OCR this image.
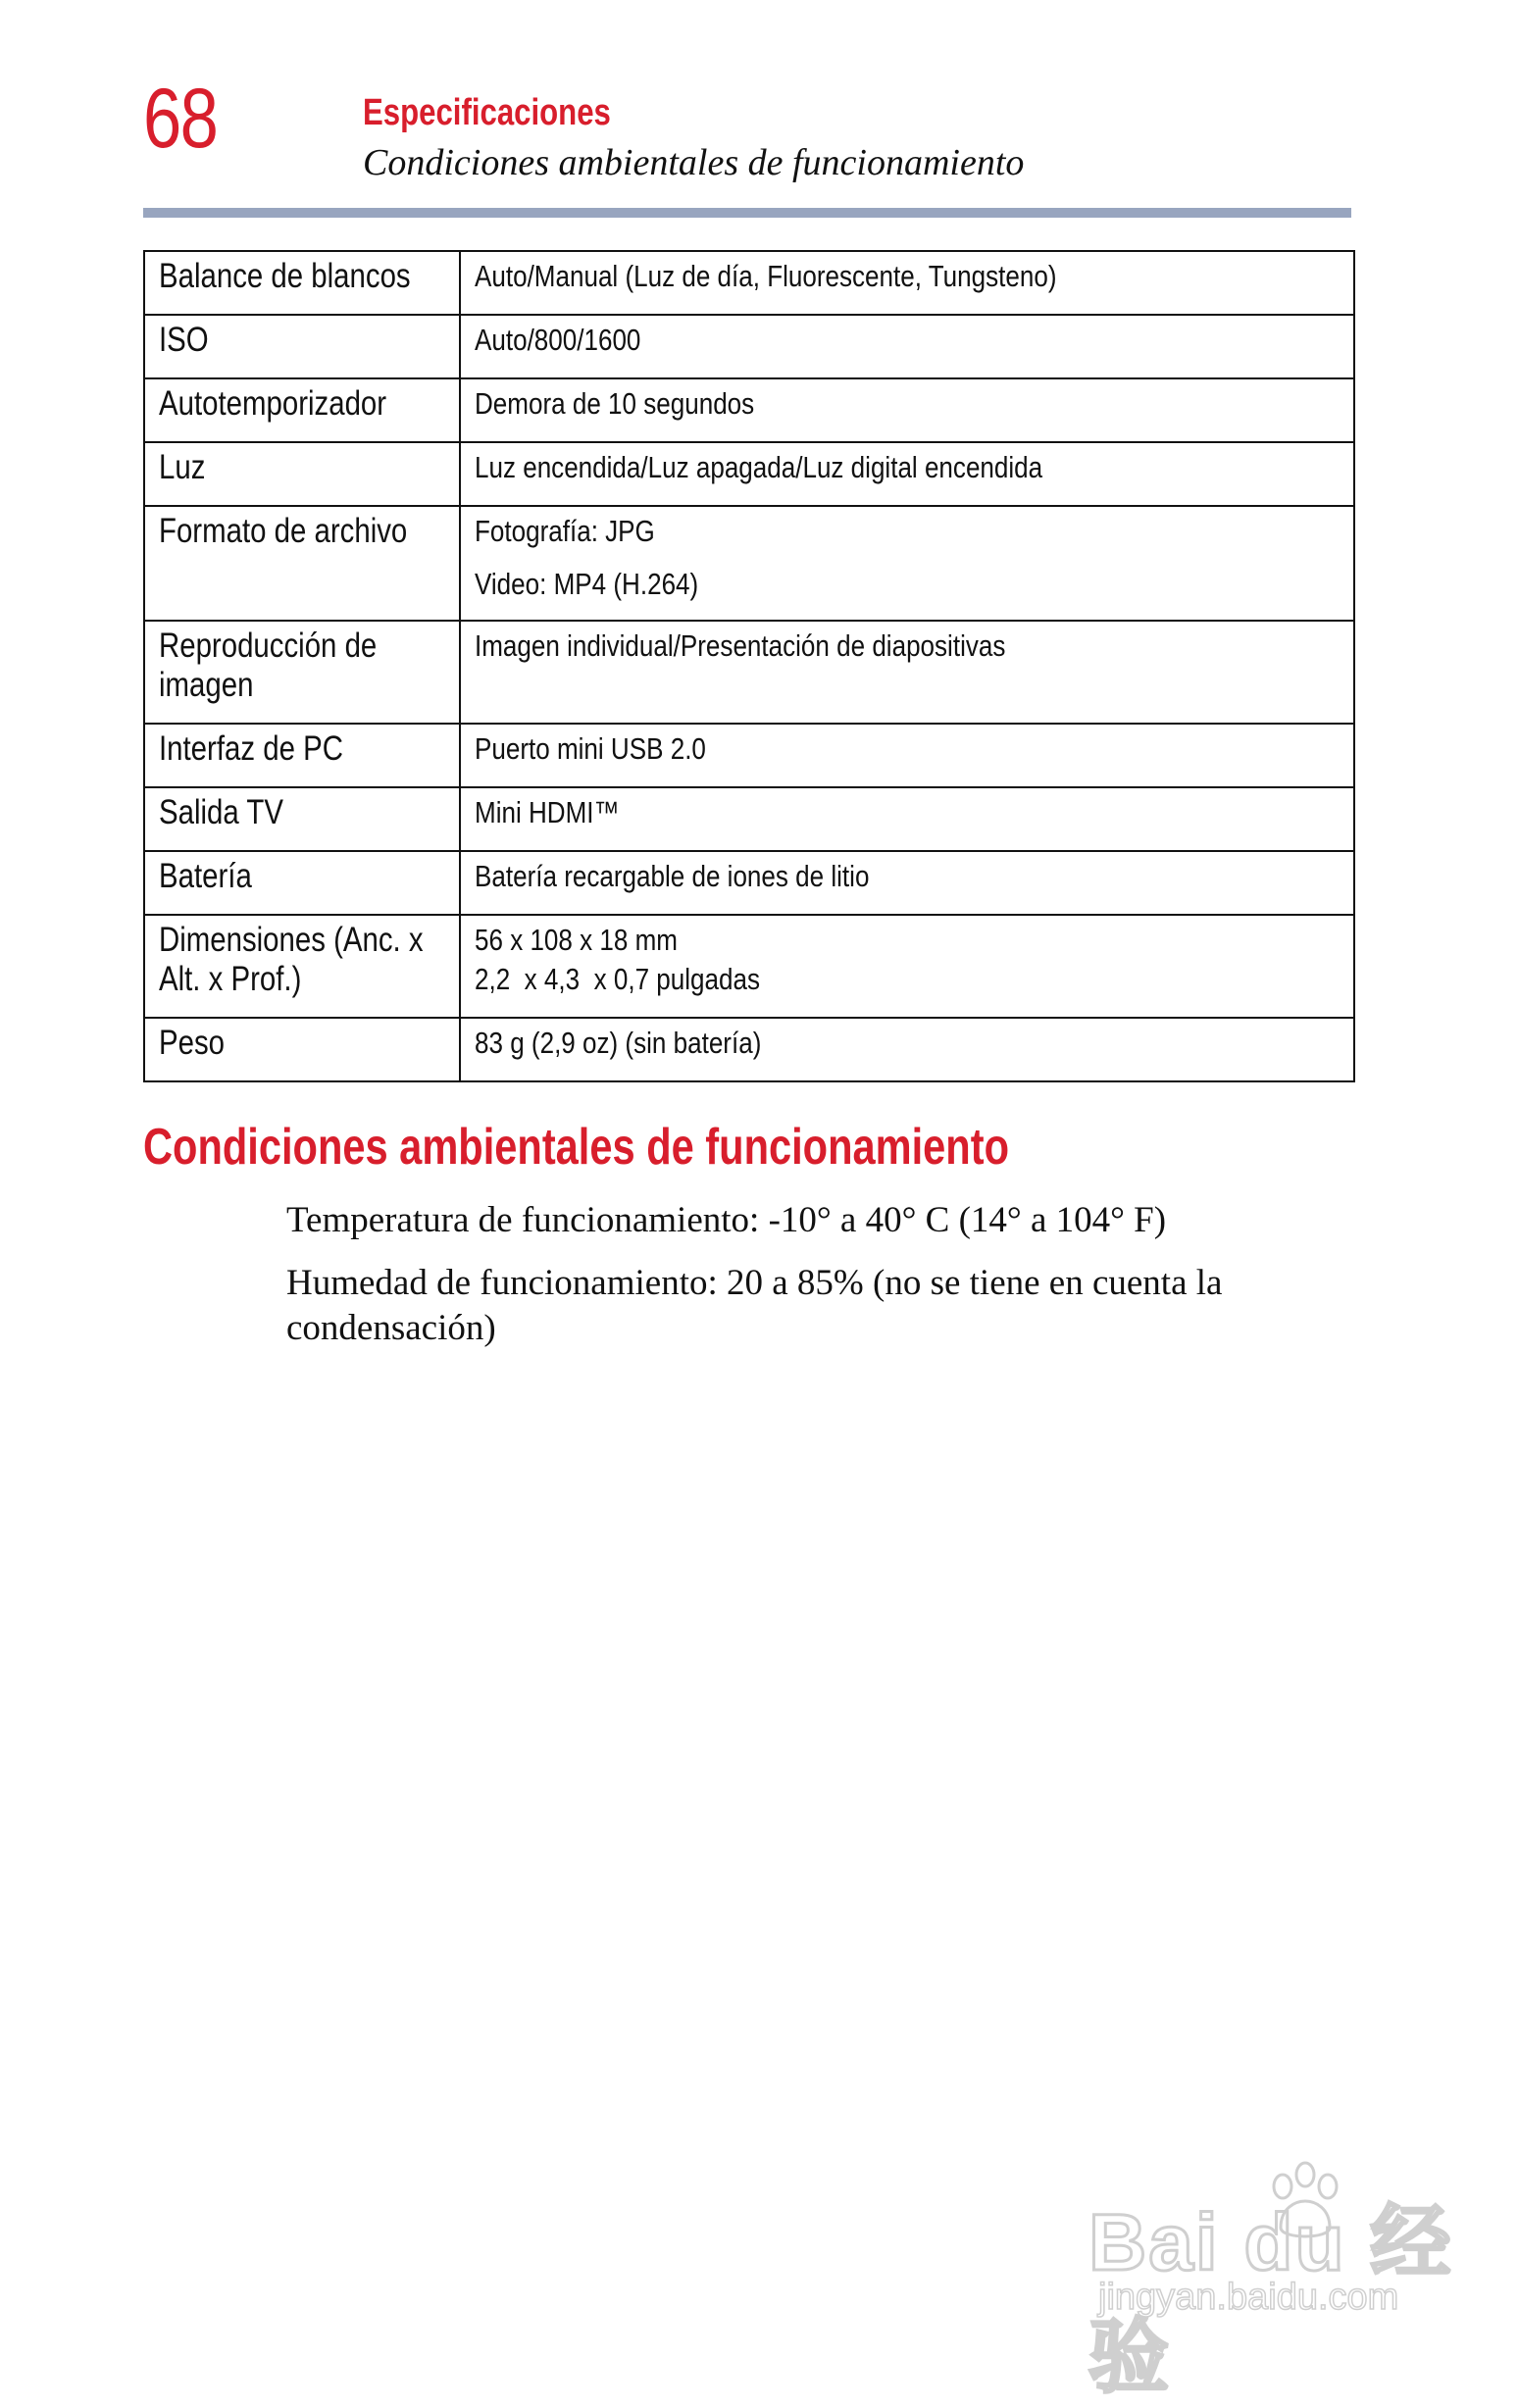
68	Especificaciones
Condiciones ambientales de funcionamiento
Balance de blancos	Auto/Manual (Luz de día, Fluorescente, Tungsteno)
ISO	Auto/800/1600
Autotemporizador	Demora de 10 segundos
Luz	Luz encendida/Luz apagada/Luz digital encendida
Formato de archivo	Fotografía: JPG
Video: MP4 (H.264)

Reproducción de imagen	Imagen individual/Presentación de diapositivas
Interfaz de PC	Puerto mini USB 2.0
Salida TV	Mini HDMI™
Batería	Batería recargable de iones de litio
Dimensiones (Anc. x Alt. x Prof.)	56 x 108 x 18 mm
2,2  x 4,3  x 0,7 pulgadas

Peso	83 g (2,9 oz) (sin batería)
Condiciones ambientales de funcionamiento
Temperatura de funcionamiento: -10° a 40° C (14° a 104° F)
Humedad de funcionamiento: 20 a 85% (no se tiene en cuenta la condensación)
Bai du 经验
jingyan.baidu.com
